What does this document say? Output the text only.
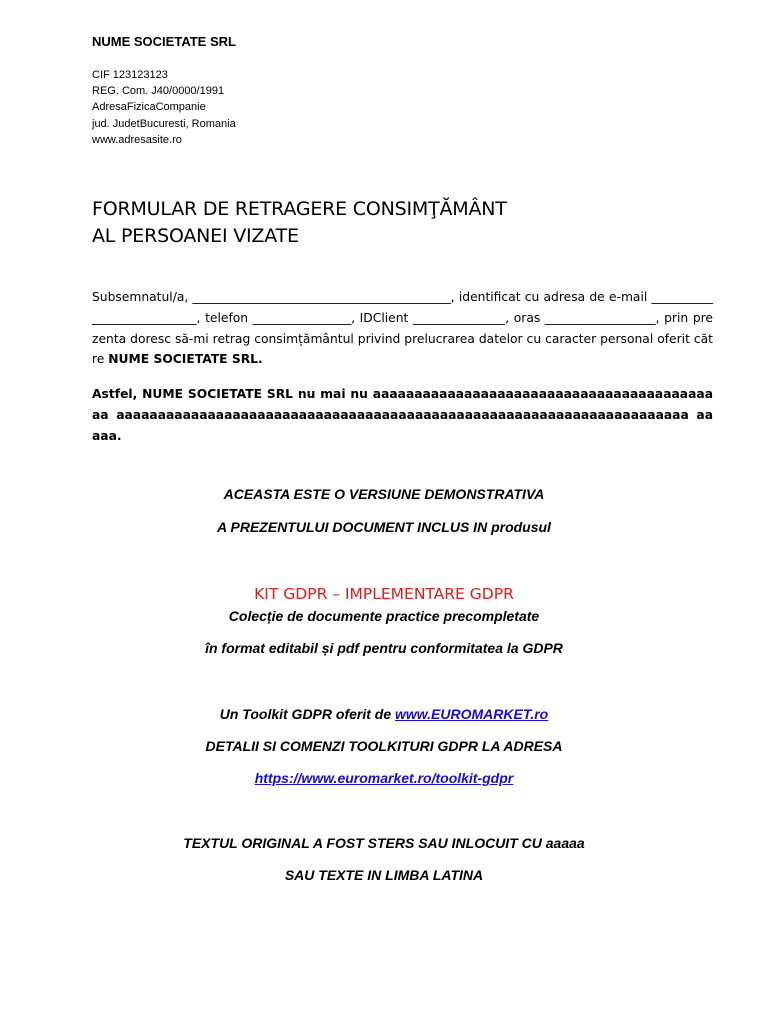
NUME SOCIETATE SRL
CIF 123123123
REG. Com. J40/0000/1991
AdresaFizicaCompanie
jud. JudetBucuresti, Romania
www.adresasite.ro
FORMULAR DE RETRAGERE CONSIMŢĂMÂNT
AL PERSOANEI VIZATE
Subsemnatul/a, __________________________________________, identificat cu adresa de e-mail ___________________________, telefon ________________, IDClient _______________, oras __________________, prin prezenta doresc să-mi retrag consimțământul privind prelucrarea datelor cu caracter personal oferit către NUME SOCIETATE SRL.
Astfel, NUME SOCIETATE SRL nu mai nu aaaaaaaaaaaaaaaaaaaaaaaaaaaaaaaaaaaaaaaaaaa aaaaaaaaaaaaaaaaaaaaaaaaaaaaaaaaaaaaaaaaaaaaaaaaaaaaaaaaaaaaaaaaaaaaa aaaaa.
ACEASTA ESTE O VERSIUNE DEMONSTRATIVA
A PREZENTULUI DOCUMENT INCLUS IN produsul
KIT GDPR – IMPLEMENTARE GDPR
Colecție de documente practice precompletate
în format editabil și pdf pentru conformitatea la GDPR
Un Toolkit GDPR oferit de www.EUROMARKET.ro
DETALII SI COMENZI TOOLKITURI GDPR LA ADRESA
https://www.euromarket.ro/toolkit-gdpr
TEXTUL ORIGINAL A FOST STERS SAU INLOCUIT CU aaaaa
SAU TEXTE IN LIMBA LATINA
